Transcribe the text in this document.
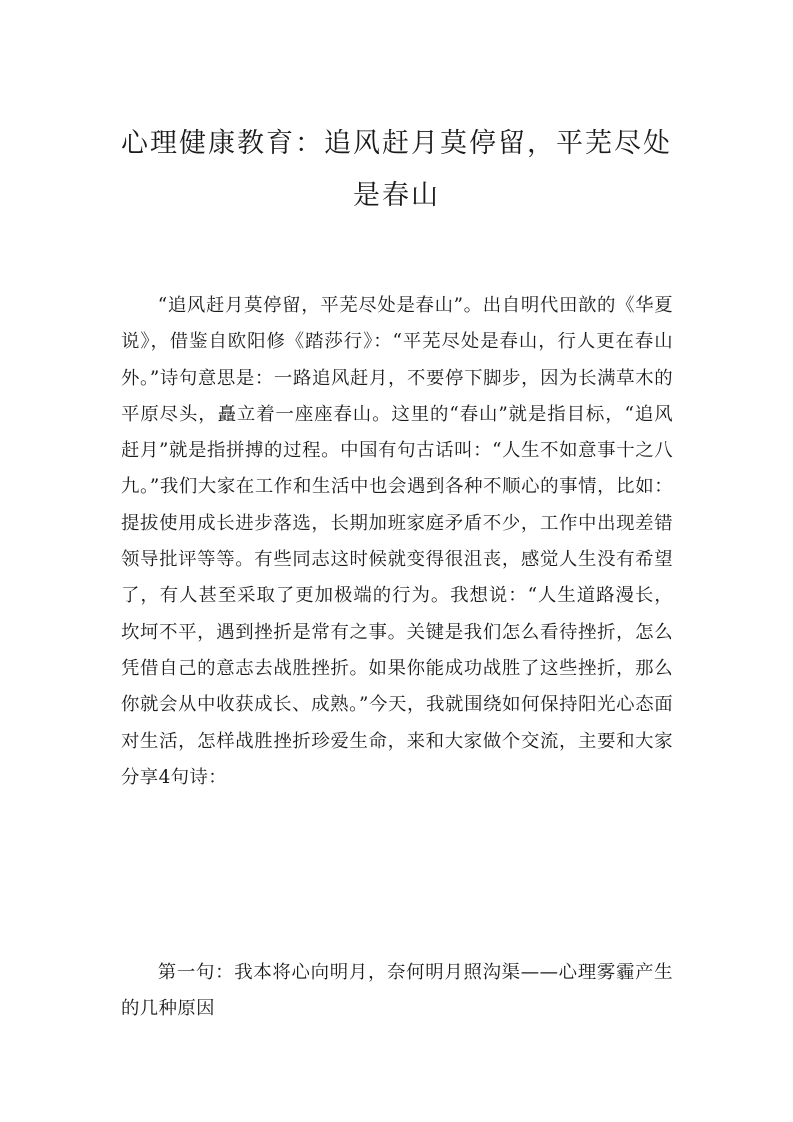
心理健康教育：追风赶月莫停留，平芜尽处是春山

“追风赶月莫停留，平芜尽处是春山”。出自明代田歆的《华夏说》，借鉴自欧阳修《踏莎行》：“平芜尽处是春山，行人更在春山外。”诗句意思是：一路追风赶月，不要停下脚步，因为长满草木的平原尽头，矗立着一座座春山。这里的“春山”就是指目标，“追风赶月”就是指拼搏的过程。中国有句古话叫：“人生不如意事十之八九。”我们大家在工作和生活中也会遇到各种不顺心的事情，比如：提拔使用成长进步落选，长期加班家庭矛盾不少，工作中出现差错领导批评等等。有些同志这时候就变得很沮丧，感觉人生没有希望了，有人甚至采取了更加极端的行为。我想说：“人生道路漫长，坎坷不平，遇到挫折是常有之事。关键是我们怎么看待挫折，怎么凭借自己的意志去战胜挫折。如果你能成功战胜了这些挫折，那么你就会从中收获成长、成熟。”今天，我就围绕如何保持阳光心态面对生活，怎样战胜挫折珍爱生命，来和大家做个交流，主要和大家分享4句诗：

第一句：我本将心向明月，奈何明月照沟渠——心理雾霾产生的几种原因
